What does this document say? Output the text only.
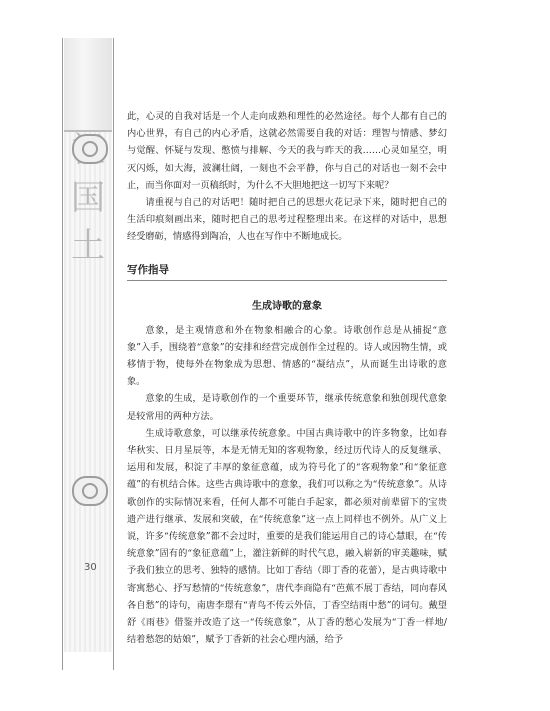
国
土
30

此，心灵的自我对话是一个人走向成熟和理性的必然途径。每个人都有自己的内心世界，有自己的内心矛盾，这就必然需要自我的对话：理智与情感、梦幻与觉醒、怀疑与发现、憋愤与排解、今天的我与昨天的我……心灵如星空，明灭闪烁，如大海，波澜壮阔，一刻也不会平静，你与自己的对话也一刻不会中止，而当你面对一页稿纸时，为什么不大胆地把这一切写下来呢？

请重视与自己的对话吧！随时把自己的思想火花记录下来，随时把自己的生活印痕刻画出来，随时把自己的思考过程整理出来。在这样的对话中，思想经受磨砺，情感得到陶冶，人也在写作中不断地成长。

写作指导
生成诗歌的意象

意象，是主观情意和外在物象相融合的心象。诗歌创作总是从捕捉“意象”入手，围绕着“意象”的安排和经营完成创作全过程的。诗人或因物生情，或移情于物，使每外在物象成为思想、情感的“凝结点”，从而诞生出诗歌的意象。

意象的生成，是诗歌创作的一个重要环节，继承传统意象和独创现代意象是较常用的两种方法。

生成诗歌意象，可以继承传统意象。中国古典诗歌中的许多物象，比如春华秋实、日月星辰等，本是无情无知的客观物象，经过历代诗人的反复继承、运用和发展，积淀了丰厚的象征意蕴，成为符号化了的“客观物象”和“象征意蕴”的有机结合体。这些古典诗歌中的意象，我们可以称之为“传统意象”。从诗歌创作的实际情况来看，任何人都不可能白手起家，都必须对前辈留下的宝贵遗产进行继承、发展和突破，在“传统意象”这一点上同样也不例外。从广义上说，许多“传统意象”都不会过时，重要的是我们能运用自己的诗心慧眼，在“传统意象”固有的“象征意蕴”上，灌注新鲜的时代气息，融入崭新的审美趣味，赋予我们独立的思考、独特的感情。比如丁香结（即丁香的花蕾），是古典诗歌中寄寓愁心、抒写愁情的“传统意象”，唐代李商隐有“芭蕉不展丁香结，同向春风各自愁”的诗句，南唐李璟有“青鸟不传云外信，丁香空结雨中愁”的词句。戴望舒《雨巷》借鉴并改造了这一“传统意象”，从丁香的愁心发展为“丁香一样地/结着愁怨的姑娘”，赋予丁香新的社会心理内涵，给予
